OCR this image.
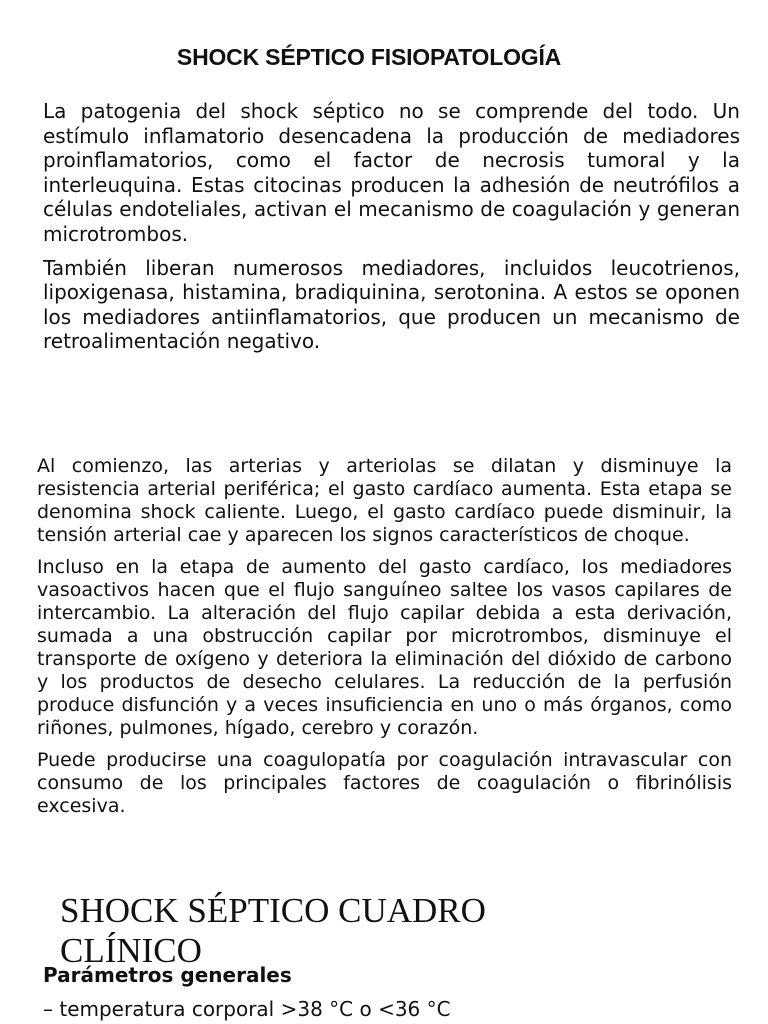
SHOCK SÉPTICO FISIOPATOLOGÍA

La patogenia del shock séptico no se comprende del todo. Un estímulo inflamatorio desencadena la producción de mediadores proinflamatorios, como el factor de necrosis tumoral y la interleuquina. Estas citocinas producen la adhesión de neutrófilos a células endoteliales, activan el mecanismo de coagulación y generan microtrombos.

También liberan numerosos mediadores, incluidos leucotrienos, lipoxigenasa, histamina, bradiquinina, serotonina. A estos se oponen los mediadores antiinflamatorios, que producen un mecanismo de retroalimentación negativo.

Al comienzo, las arterias y arteriolas se dilatan y disminuye la resistencia arterial periférica; el gasto cardíaco aumenta. Esta etapa se denomina shock caliente. Luego, el gasto cardíaco puede disminuir, la tensión arterial cae y aparecen los signos característicos de choque.

Incluso en la etapa de aumento del gasto cardíaco, los mediadores vasoactivos hacen que el flujo sanguíneo saltee los vasos capilares de intercambio. La alteración del flujo capilar debida a esta derivación, sumada a una obstrucción capilar por microtrombos, disminuye el transporte de oxígeno y deteriora la eliminación del dióxido de carbono y los productos de desecho celulares. La reducción de la perfusión produce disfunción y a veces insuficiencia en uno o más órganos, como riñones, pulmones, hígado, cerebro y corazón.

Puede producirse una coagulopatía por coagulación intravascular con consumo de los principales factores de coagulación o fibrinólisis excesiva.

SHOCK SÉPTICO CUADRO CLÍNICO

Parámetros generales

– temperatura corporal >38 °C o <36 °C
